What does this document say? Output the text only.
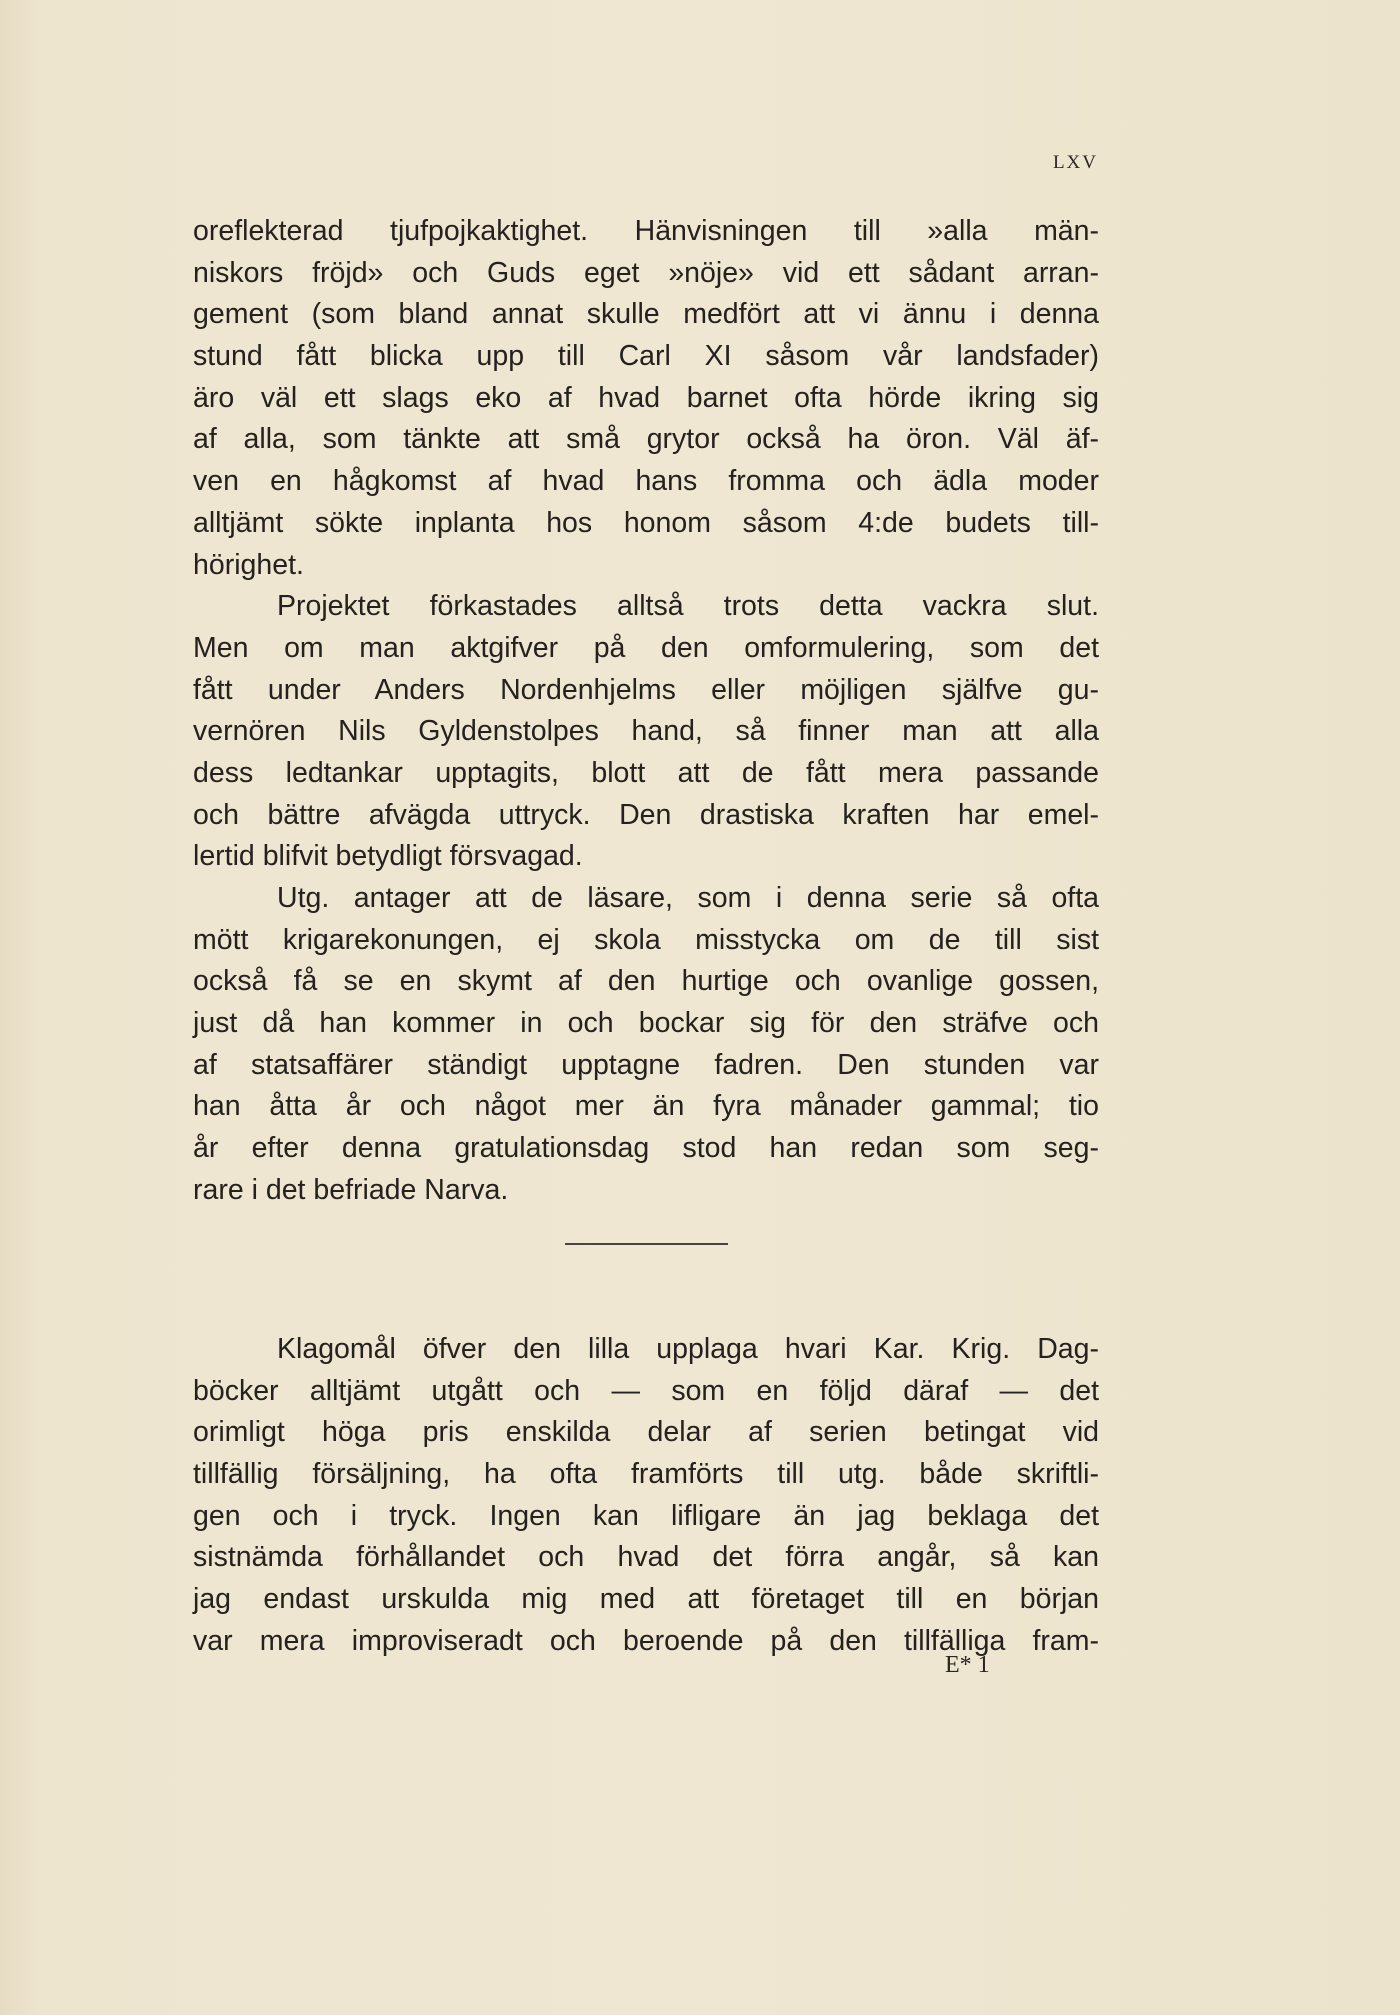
LXV
oreflekterad tjufpojkaktighet. Hänvisningen till »alla män-
niskors fröjd» och Guds eget »nöje» vid ett sådant arran-
gement (som bland annat skulle medfört att vi ännu i denna
stund fått blicka upp till Carl XI såsom vår landsfader)
äro väl ett slags eko af hvad barnet ofta hörde ikring sig
af alla, som tänkte att små grytor också ha öron. Väl äf-
ven en hågkomst af hvad hans fromma och ädla moder
alltjämt sökte inplanta hos honom såsom 4:de budets till-
hörighet.
Projektet förkastades alltså trots detta vackra slut.
Men om man aktgifver på den omformulering, som det
fått under Anders Nordenhjelms eller möjligen själfve gu-
vernören Nils Gyldenstolpes hand, så finner man att alla
dess ledtankar upptagits, blott att de fått mera passande
och bättre afvägda uttryck. Den drastiska kraften har emel-
lertid blifvit betydligt försvagad.
Utg. antager att de läsare, som i denna serie så ofta
mött krigarekonungen, ej skola misstycka om de till sist
också få se en skymt af den hurtige och ovanlige gossen,
just då han kommer in och bockar sig för den sträfve och
af statsaffärer ständigt upptagne fadren. Den stunden var
han åtta år och något mer än fyra månader gammal; tio
år efter denna gratulationsdag stod han redan som seg-
rare i det befriade Narva.
Klagomål öfver den lilla upplaga hvari Kar. Krig. Dag-
böcker alltjämt utgått och — som en följd däraf — det
orimligt höga pris enskilda delar af serien betingat vid
tillfällig försäljning, ha ofta framförts till utg. både skriftli-
gen och i tryck. Ingen kan lifligare än jag beklaga det
sistnämda förhållandet och hvad det förra angår, så kan
jag endast urskulda mig med att företaget till en början
var mera improviseradt och beroende på den tillfälliga fram-
E* 1
